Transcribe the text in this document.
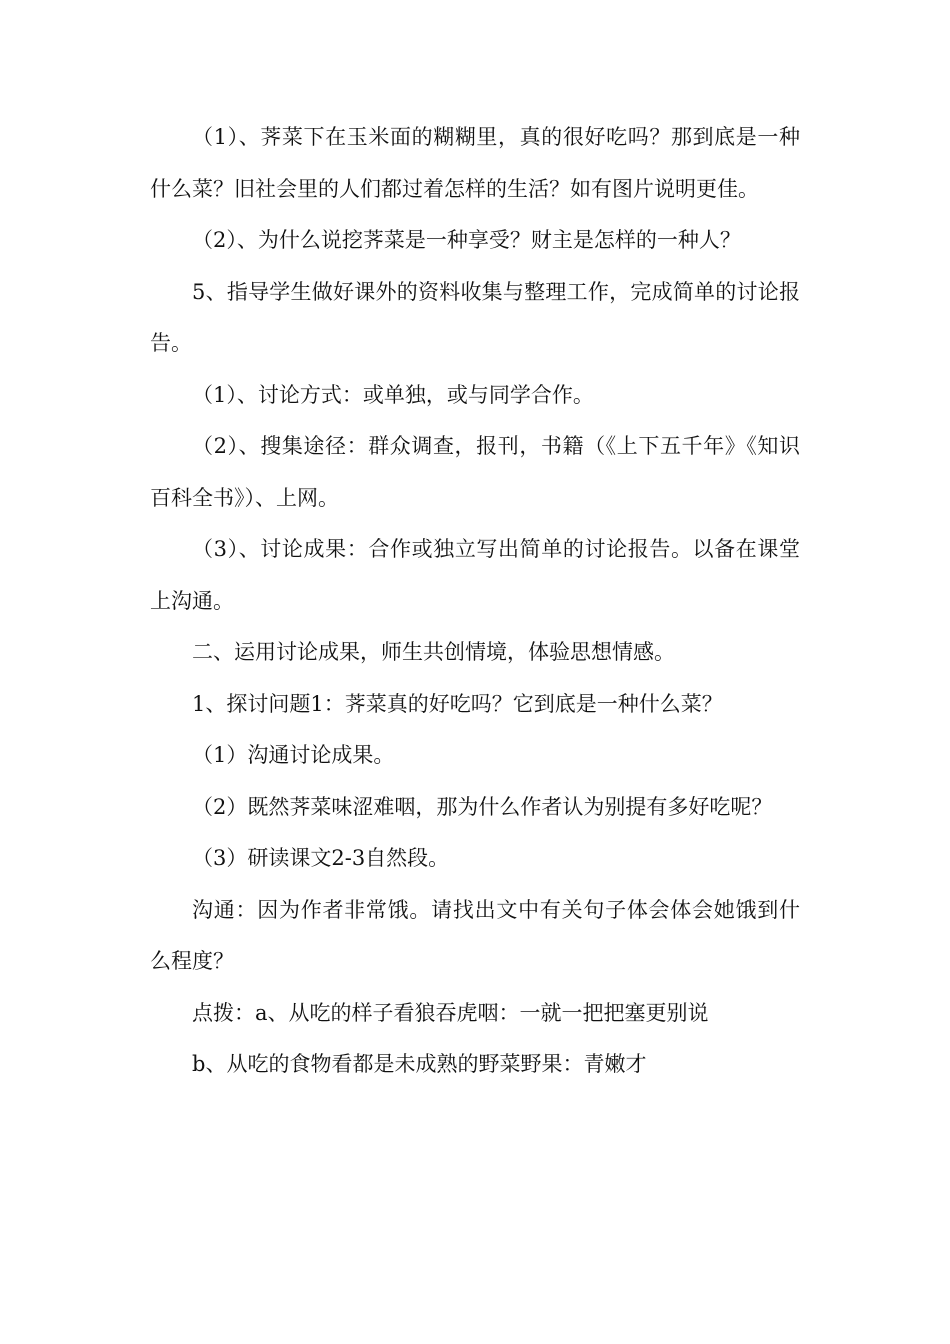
（1）、荠菜下在玉米面的糊糊里，真的很好吃吗？那到底是一种什么菜？旧社会里的人们都过着怎样的生活？如有图片说明更佳。

（2）、为什么说挖荠菜是一种享受？财主是怎样的一种人？

5、指导学生做好课外的资料收集与整理工作，完成简单的讨论报告。

（1）、讨论方式：或单独，或与同学合作。

（2）、搜集途径：群众调查，报刊，书籍（《上下五千年》《知识百科全书》）、上网。

（3）、讨论成果：合作或独立写出简单的讨论报告。以备在课堂上沟通。

二、运用讨论成果，师生共创情境，体验思想情感。

1、探讨问题1：荠菜真的好吃吗？它到底是一种什么菜？

（1）沟通讨论成果。

（2）既然荠菜味涩难咽，那为什么作者认为别提有多好吃呢？

（3）研读课文2-3自然段。

沟通：因为作者非常饿。请找出文中有关句子体会体会她饿到什么程度？

点拨：a、从吃的样子看狼吞虎咽：一就一把把塞更别说

b、从吃的食物看都是未成熟的野菜野果：青嫩才
